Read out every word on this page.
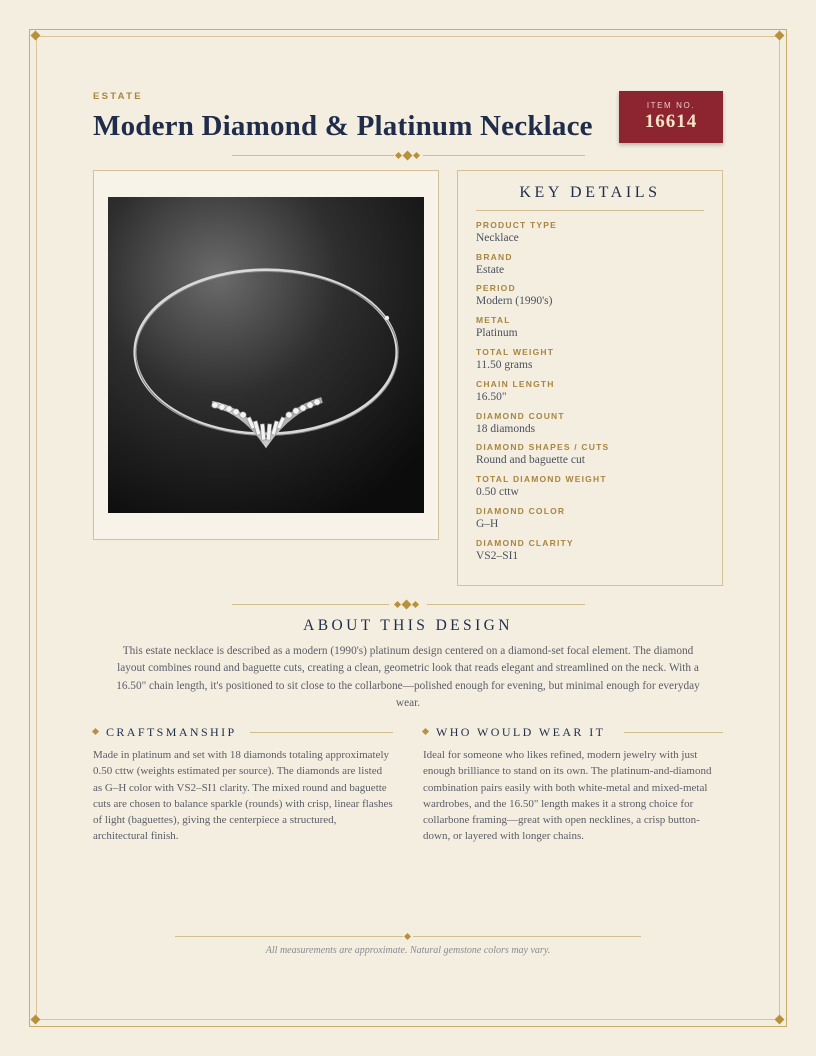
ESTATE
Modern Diamond & Platinum Necklace
ITEM NO.
16614
KEY DETAILS
PRODUCT TYPE
Necklace
BRAND
Estate
PERIOD
Modern (1990's)
METAL
Platinum
TOTAL WEIGHT
11.50 grams
CHAIN LENGTH
16.50"
DIAMOND COUNT
18 diamonds
DIAMOND SHAPES / CUTS
Round and baguette cut
TOTAL DIAMOND WEIGHT
0.50 cttw
DIAMOND COLOR
G–H
DIAMOND CLARITY
VS2–SI1
ABOUT THIS DESIGN

This estate necklace is described as a modern (1990's) platinum design centered on a diamond-set focal element. The diamond layout combines round and baguette cuts, creating a clean, geometric look that reads elegant and streamlined on the neck. With a 16.50" chain length, it's positioned to sit close to the collarbone—polished enough for evening, but minimal enough for everyday wear.

CRAFTSMANSHIP

Made in platinum and set with 18 diamonds totaling approximately 0.50 cttw (weights estimated per source). The diamonds are listed as G–H color with VS2–SI1 clarity. The mixed round and baguette cuts are chosen to balance sparkle (rounds) with crisp, linear flashes of light (baguettes), giving the centerpiece a structured, architectural finish.

WHO WOULD WEAR IT

Ideal for someone who likes refined, modern jewelry with just enough brilliance to stand on its own. The platinum-and-diamond combination pairs easily with both white-metal and mixed-metal wardrobes, and the 16.50" length makes it a strong choice for collarbone framing—great with open necklines, a crisp button-down, or layered with longer chains.

All measurements are approximate. Natural gemstone colors may vary.
